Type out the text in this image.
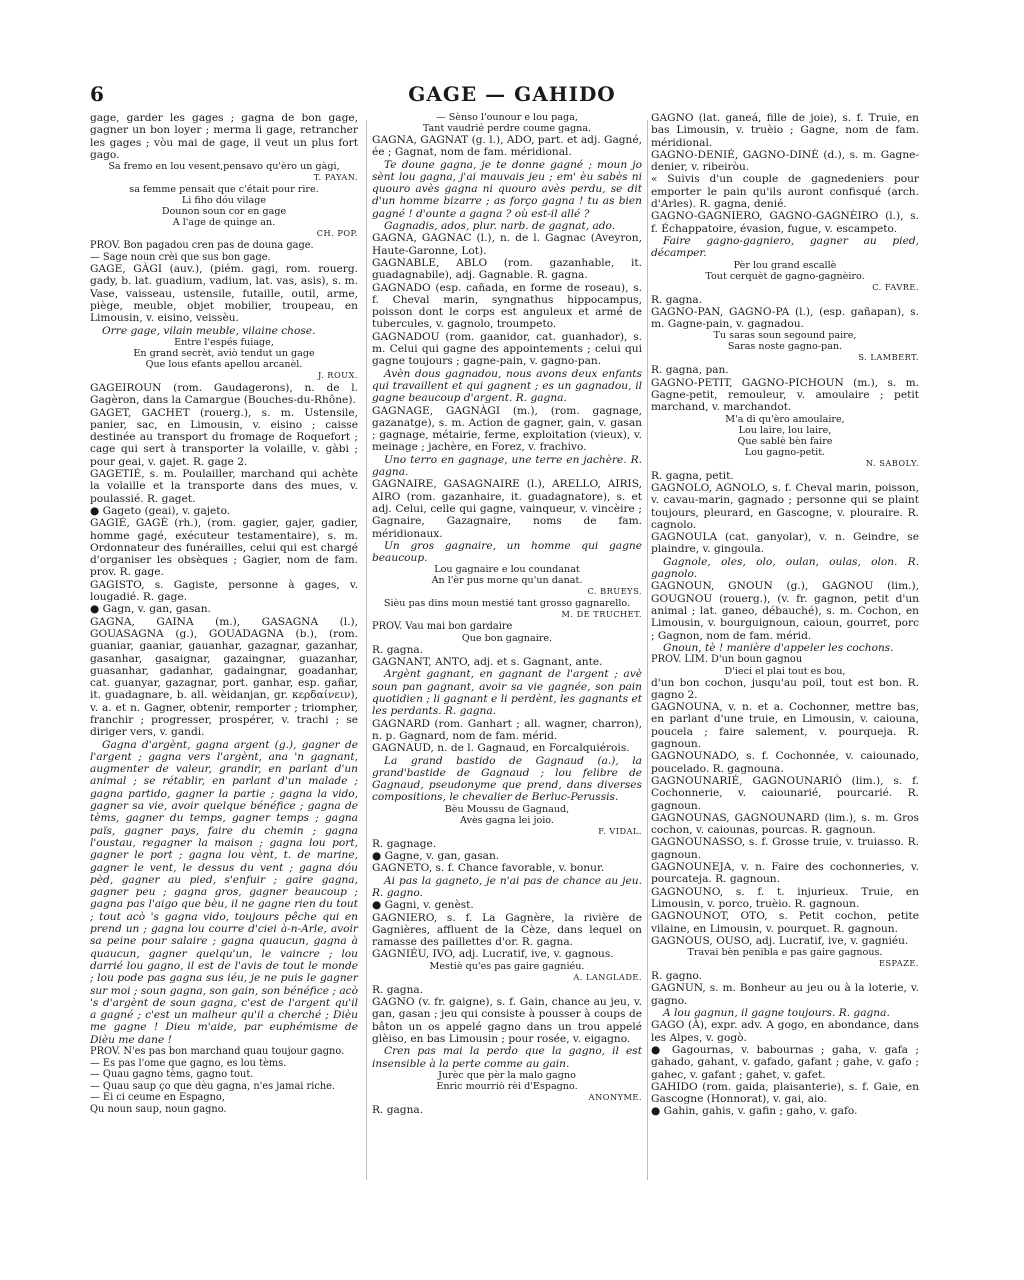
6	GAGE — GAHIDO

gage, garder les gages ; gagna de bon gage, gagner un bon loyer ; merma li gage, retrancher les gages ; vòu mai de gage, il veut un plus fort gago.

Sa fremo en lou vesent,pensavo qu'èro un gàgi,

T. PAYAN.

sa femme pensait que c'était pour rire.

Li fiho dóu vilage

Dounon soun cor en gage

A l'age de quinge an.

CH. POP.

PROV. Bon pagadou cren pas de douna gage.

— Sage noun crèi que sus bon gage.

GAGE, GÀGI (auv.), (piém. gagi, rom. rouerg. gady, b. lat. guadium, vadium, lat. vas, asis), s. m. Vase, vaisseau, ustensile, futaille, outil, arme, piège, meuble, objet mobilier, troupeau, en Limousin, v. eisino, veissèu.

Orre gage, vilain meuble, vilaine chose.

Entre l'espés fuiage,

En grand secrèt, aviò tendut un gage

Que lous efants apellou arcanèl.

J. ROUX.

GAGEIROUN (rom. Gaudagerons), n. de l. Gagèron, dans la Camargue (Bouches-du-Rhône).

GAGET, GACHET (rouerg.), s. m. Ustensile, panier, sac, en Limousin, v. eisino ; caisse destinée au transport du fromage de Roquefort ; cage qui sert à transporter la volaille, v. gàbi ; pour geai, v. gajet. R. gage 2.

GAGETIÉ, s. m. Poulailler, marchand qui achète la volaille et la transporte dans des mues, v. poulassié. R. gaget.

● Gageto (geai), v. gajeto.

GAGIÉ, GAGÈ (rh.), (rom. gagier, gajer, gadier, homme gagé, exécuteur testamentaire), s. m. Ordonnateur des funérailles, celui qui est chargé d'organiser les obsèques ; Gagier, nom de fam. prov. R. gage.

GAGISTO, s. Gagiste, personne à gages, v. lougadié. R. gage.

● Gagn, v. gan, gasan.

GAGNA, GAINA (m.), GASAGNA (l.), GOUASAGNA (g.), GOUADAGNA (b.), (rom. guaniar, gaaniar, gauanhar, gazagnar, gazanhar, gasanhar, gasaignar, gazaingnar, guazanhar, guasanhar, gadanhar, gadaingnar, goadanhar, cat. guanyar, gazagnar, port. ganhar, esp. gañar, it. guadagnare, b. all. wèidanjan, gr. κερδαίνειν), v. a. et n. Gagner, obtenir, remporter ; triompher, franchir ; progresser, prospérer, v. trachi ; se diriger vers, v. gandi.

Gagna d'argènt, gagna argent (g.), gagner de l'argent ; gagna vers l'argènt, ana 'n gagnant, augmenter de valeur, grandir, en parlant d'un animal ; se rétablir, en parlant d'un malade ; gagna partido, gagner la partie ; gagna la vido, gagner sa vie, avoir quelque bénéfice ; gagna de tèms, gagner du temps, gagner temps ; gagna païs, gagner pays, faire du chemin ; gagna l'oustau, regagner la maison ; gagna lou port, gagner le port ; gagna lou vènt, t. de marine, gagner le vent, le dessus du vent ; gagna dóu pèd, gagner au pied, s'enfuir ; gaire gagna, gagner peu ; gagna gros, gagner beaucoup ; gagna pas l'aigo que bèu, il ne gagne rien du tout ; tout acò 's gagna vido, toujours pêche qui en prend un ; gagna lou courre d'ciei à-n-Arle, avoir sa peine pour salaire ; gagna quaucun, gagna à quaucun, gagner quelqu'un, le vaincre ; lou darrié lou gagno, il est de l'avis de tout le monde ; lou pode pas gagna sus iéu, je ne puis le gagner sur moi ; soun gagna, son gain, son bénéfice ; acò 's d'argènt de soun gagna, c'est de l'argent qu'il a gagné ; c'est un malheur qu'il a cherché ; Dièu me gagne ! Dieu m'aide, par euphémisme de Dièu me dane !

PROV. N'es pas bon marchand quau toujour gagno.

— Es pas l'ome que gagno, es lou tèms.

— Quau gagno tèms, gagno tout.

— Quau saup ço que dèu gagna, n'es jamai riche.

— Ei ci ceume en Espagno,

Qu noun saup, noun gagno.

— Sènso l'ounour e lou paga,

Tant vaudrié perdre coume gagna.

GAGNA, GAGNAT (g. l.), ADO, part. et adj. Gagné, ée ; Gagnat, nom de fam. méridional.

Te doune gagna, je te donne gagné ; moun jo sènt lou gagna, j'ai mauvais jeu ; em' èu sabès ni quouro avès gagna ni quouro avès perdu, se dit d'un homme bizarre ; as forço gagna ! tu as bien gagné ! d'ounte a gagna ? où est-il allé ?

Gagnadis, ados, plur. narb. de gagnat, ado.

GAGNA, GAGNAC (l.), n. de l. Gagnac (Aveyron, Haute-Garonne, Lot).

GAGNABLE, ABLO (rom. gazanhable, it. guadagnabile), adj. Gagnable. R. gagna.

GAGNADO (esp. cañada, en forme de roseau), s. f. Cheval marin, syngnathus hippocampus, poisson dont le corps est anguleux et armé de tubercules, v. gagnolo, troumpeto.

GAGNADOU (rom. gaanidor, cat. guanhador), s. m. Celui qui gagne des appointements ; celui qui gagne toujours ; gagne-pain, v. gagno-pan.

Avèn dous gagnadou, nous avons deux enfants qui travaillent et qui gagnent ; es un gagnadou, il gagne beaucoup d'argent. R. gagna.

GAGNAGE, GAGNÀGI (m.), (rom. gagnage, gazanatge), s. m. Action de gagner, gain, v. gasan ; gagnage, métairie, ferme, exploitation (vieux), v. meinage ; jachère, en Forez, v. frachivo.

Uno terro en gagnage, une terre en jachère. R. gagna.

GAGNAIRE, GASAGNAIRE (l.), ARELLO, AIRIS, AIRO (rom. gazanhaire, it. guadagnatore), s. et adj. Celui, celle qui gagne, vainqueur, v. vincèire ; Gagnaire, Gazagnaire, noms de fam. méridionaux.

Un gros gagnaire, un homme qui gagne beaucoup.

Lou gagnaire e lou coundanat

An l'èr pus morne qu'un danat.

C. BRUEYS.

Sièu pas dins moun mestié tant grosso gagnarello.

M. DE TRUCHET.

PROV. Vau mai bon gardaire

Que bon gagnaire.

R. gagna.

GAGNANT, ANTO, adj. et s. Gagnant, ante.

Argènt gagnant, en gagnant de l'argent ; avè soun pan gagnant, avoir sa vie gagnée, son pain quotidien ; li gagnant e li perdènt, les gagnants et les perdants. R. gagna.

GAGNARD (rom. Ganhart ; all. wagner, charron), n. p. Gagnard, nom de fam. mérid.

GAGNAUD, n. de l. Gagnaud, en Forcalquiérois.

La grand bastido de Gagnaud (a.), la grand'bastide de Gagnaud ; lou felibre de Gagnaud, pseudonyme que prend, dans diverses compositions, le chevalier de Berluc-Perussis.

Bèu Moussu de Gagnaud,

Avès gagna lei joio.

F. VIDAL.

R. gagnage.

● Gagne, v. gan, gasan.

GAGNETO, s. f. Chance favorable, v. bonur.

Ai pas la gagneto, je n'ai pas de chance au jeu. R. gagno.

● Gagni, v. genèst.

GAGNIERO, s. f. La Gagnère, la rivière de Gagnières, affluent de la Cèze, dans lequel on ramasse des paillettes d'or. R. gagna.

GAGNIÉU, IVO, adj. Lucratif, ive, v. gagnous.

Mestiè qu'es pas gaire gagniéu.

A. LANGLADE.

R. gagna.

GAGNO (v. fr. gaigne), s. f. Gain, chance au jeu, v. gan, gasan ; jeu qui consiste à pousser à coups de bâton un os appelé gagno dans un trou appelé glèiso, en bas Limousin ; pour rosée, v. eigagno.

Cren pas mai la perdo que la gagno, il est insensible à la perte comme au gain.

Jurèc que pèr la malo gagno

Enric mourriò rèi d'Espagno.

ANONYME.

R. gagna.

GAGNO (lat. ganeá, fille de joie), s. f. Truie, en bas Limousin, v. truèio ; Gagne, nom de fam. méridional.

GAGNO-DENIÉ, GAGNO-DINÈ (d.), s. m. Gagne-denier, v. ribeiròu.

« Suivis d'un couple de gagnedeniers pour emporter le pain qu'ils auront confisqué (arch. d'Arles). R. gagna, denié.

GAGNO-GAGNIERO, GAGNO-GAGNÈIRO (l.), s. f. Échappatoire, évasion, fugue, v. escampeto.

Faire gagno-gagniero, gagner au pied, décamper.

Pèr lou grand escallè

Tout cerquèt de gagno-gagnèiro.

C. FAVRE.

R. gagna.

GAGNO-PAN, GAGNO-PA (l.), (esp. gañapan), s. m. Gagne-pain, v. gagnadou.

Tu saras soun segound paire,

Saras noste gagno-pan.

S. LAMBERT.

R. gagna, pan.

GAGNO-PETIT, GAGNO-PICHOUN (m.), s. m. Gagne-petit, remouleur, v. amoulaire ; petit marchand, v. marchandot.

M'a di qu'èro amoulaire,

Lou laire, lou laire,

Que sablè bèn faire

Lou gagno-petit.

N. SABOLY.

R. gagna, petit.

GAGNOLO, AGNOLO, s. f. Cheval marin, poisson, v. cavau-marin, gagnado ; personne qui se plaint toujours, pleurard, en Gascogne, v. plouraire. R. cagnolo.

GAGNOULA (cat. ganyolar), v. n. Geindre, se plaindre, v. gingoula.

Gagnole, oles, olo, oulan, oulas, olon. R. gagnolo.

GAGNOUN, GNOUN (g.), GAGNOU (lim.), GOUGNOU (rouerg.), (v. fr. gagnon, petit d'un animal ; lat. ganeo, débauché), s. m. Cochon, en Limousin, v. bourguignoun, caioun, gourret, porc ; Gagnon, nom de fam. mérid.

Gnoun, tè ! manière d'appeler les cochons.

PROV. LIM. D'un boun gagnou

D'ieci el plai tout es bou,

d'un bon cochon, jusqu'au poil, tout est bon. R. gagno 2.

GAGNOUNA, v. n. et a. Cochonner, mettre bas, en parlant d'une truie, en Limousin, v. caiouna, poucela ; faire salement, v. pourqueja. R. gagnoun.

GAGNOUNADO, s. f. Cochonnée, v. caiounado, poucelado. R. gagnouna.

GAGNOUNARIÉ, GAGNOUNARIÒ (lim.), s. f. Cochonnerie, v. caiounarié, pourcarié. R. gagnoun.

GAGNOUNAS, GAGNOUNARD (lim.), s. m. Gros cochon, v. caiounas, pourcas. R. gagnoun.

GAGNOUNASSO, s. f. Grosse truie, v. truiasso. R. gagnoun.

GAGNOUNEJA, v. n. Faire des cochonneries, v. pourcateja. R. gagnoun.

GAGNOUNO, s. f. t. injurieux. Truie, en Limousin, v. porco, truèio. R. gagnoun.

GAGNOUNOT, OTO, s. Petit cochon, petite vilaine, en Limousin, v. pourquet. R. gagnoun.

GAGNOUS, OUSO, adj. Lucratif, ive, v. gagniéu.

Travai bèn penibla e pas gaire gagnous.

ESPAZE.

R. gagno.

GAGNUN, s. m. Bonheur au jeu ou à la loterie, v. gagno.

A lou gagnun, il gagne toujours. R. gagna.

GAGO (À), expr. adv. A gogo, en abondance, dans les Alpes, v. gogò.

● Gagournas, v. babournas ; gaha, v. gafa ; gahado, gahant, v. gafado, gafant ; gahe, v. gafo ; gahec, v. gafant ; gahet, v. gafet.

GAHIDO (rom. gaida, plaisanterie), s. f. Gaie, en Gascogne (Honnorat), v. gai, aio.

● Gahin, gahis, v. gafin ; gaho, v. gafo.
